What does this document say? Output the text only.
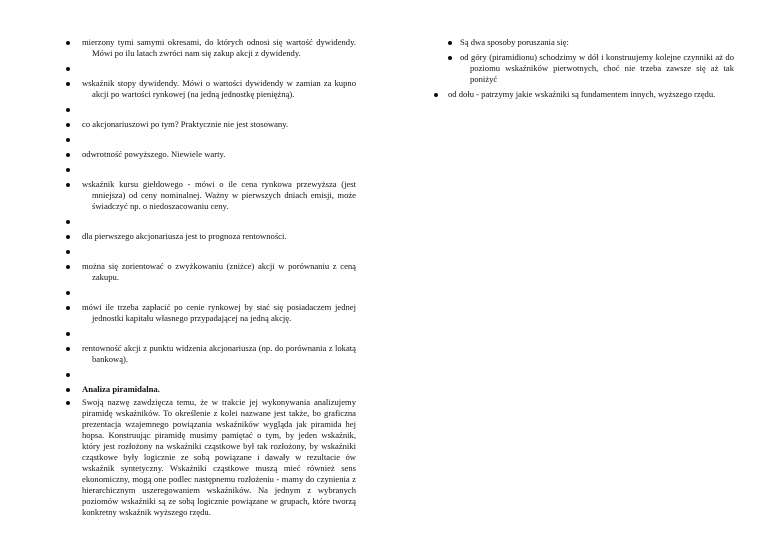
mierzony tymi samymi okresami, do których odnosi się wartość dywidendy. Mówi po ilu latach zwróci nam się zakup akcji z dywidendy.
wskaźnik stopy dywidendy. Mówi o wartości dywidendy w zamian za kupno akcji po wartości rynkowej (na jedną jednostkę pieniężną).
co akcjonariuszowi po tym? Praktycznie nie jest stosowany.
odwrotność powyższego. Niewiele warty.
wskaźnik kursu giełdowego - mówi o ile cena rynkowa przewyższa (jest mniejsza) od ceny nominalnej. Ważny w pierwszych dniach emisji, może świadczyć np. o niedoszacowaniu ceny.
dla pierwszego akcjonariusza jest to prognoza rentowności.
można się zorientować o zwyżkowaniu (zniżce) akcji w porównaniu z ceną zakupu.
mówi ile trzeba zapłacić po cenie rynkowej by stać się posiadaczem jednej jednostki kapitału własnego przypadającej na jedną akcję.
rentowność akcji z punktu widzenia akcjonariusza (np. do porównania z lokatą bankową).
Analiza piramidalna.
Swoją nazwę zawdzięcza temu, że w trakcie jej wykonywania analizujemy piramidę wskaźników. To określenie z kolei nazwane jest także, bo graficzna prezentacja wzajemnego powiązania wskaźników wygląda jak piramida hej hopsa. Konstruując piramidę musimy pamiętać o tym, by jeden wskaźnik, który jest rozłożony na wskaźniki cząstkowe był tak rozłożony, by wskaźniki cząstkowe były logicznie ze sobą powiązane i dawały w rezultacie ów wskaźnik syntetyczny. Wskaźniki cząstkowe muszą mieć również sens ekonomiczny, mogą one podlec następnemu rozłożeniu - mamy do czynienia z hierarchicznym uszeregowaniem wskaźników. Na jednym z wybranych poziomów wskaźniki są ze sobą logicznie powiązane w grupach, które tworzą konkretny wskaźnik wyższego rzędu.
Są dwa sposoby poruszania się:
od góry (piramidionu) schodzimy w dół i konstruujemy kolejne czynniki aż do poziomu wskaźników pierwotnych, choć nie trzeba zawsze się aż tak poniżyć
od dołu - patrzymy jakie wskaźniki są fundamentem innych, wyższego rzędu.
